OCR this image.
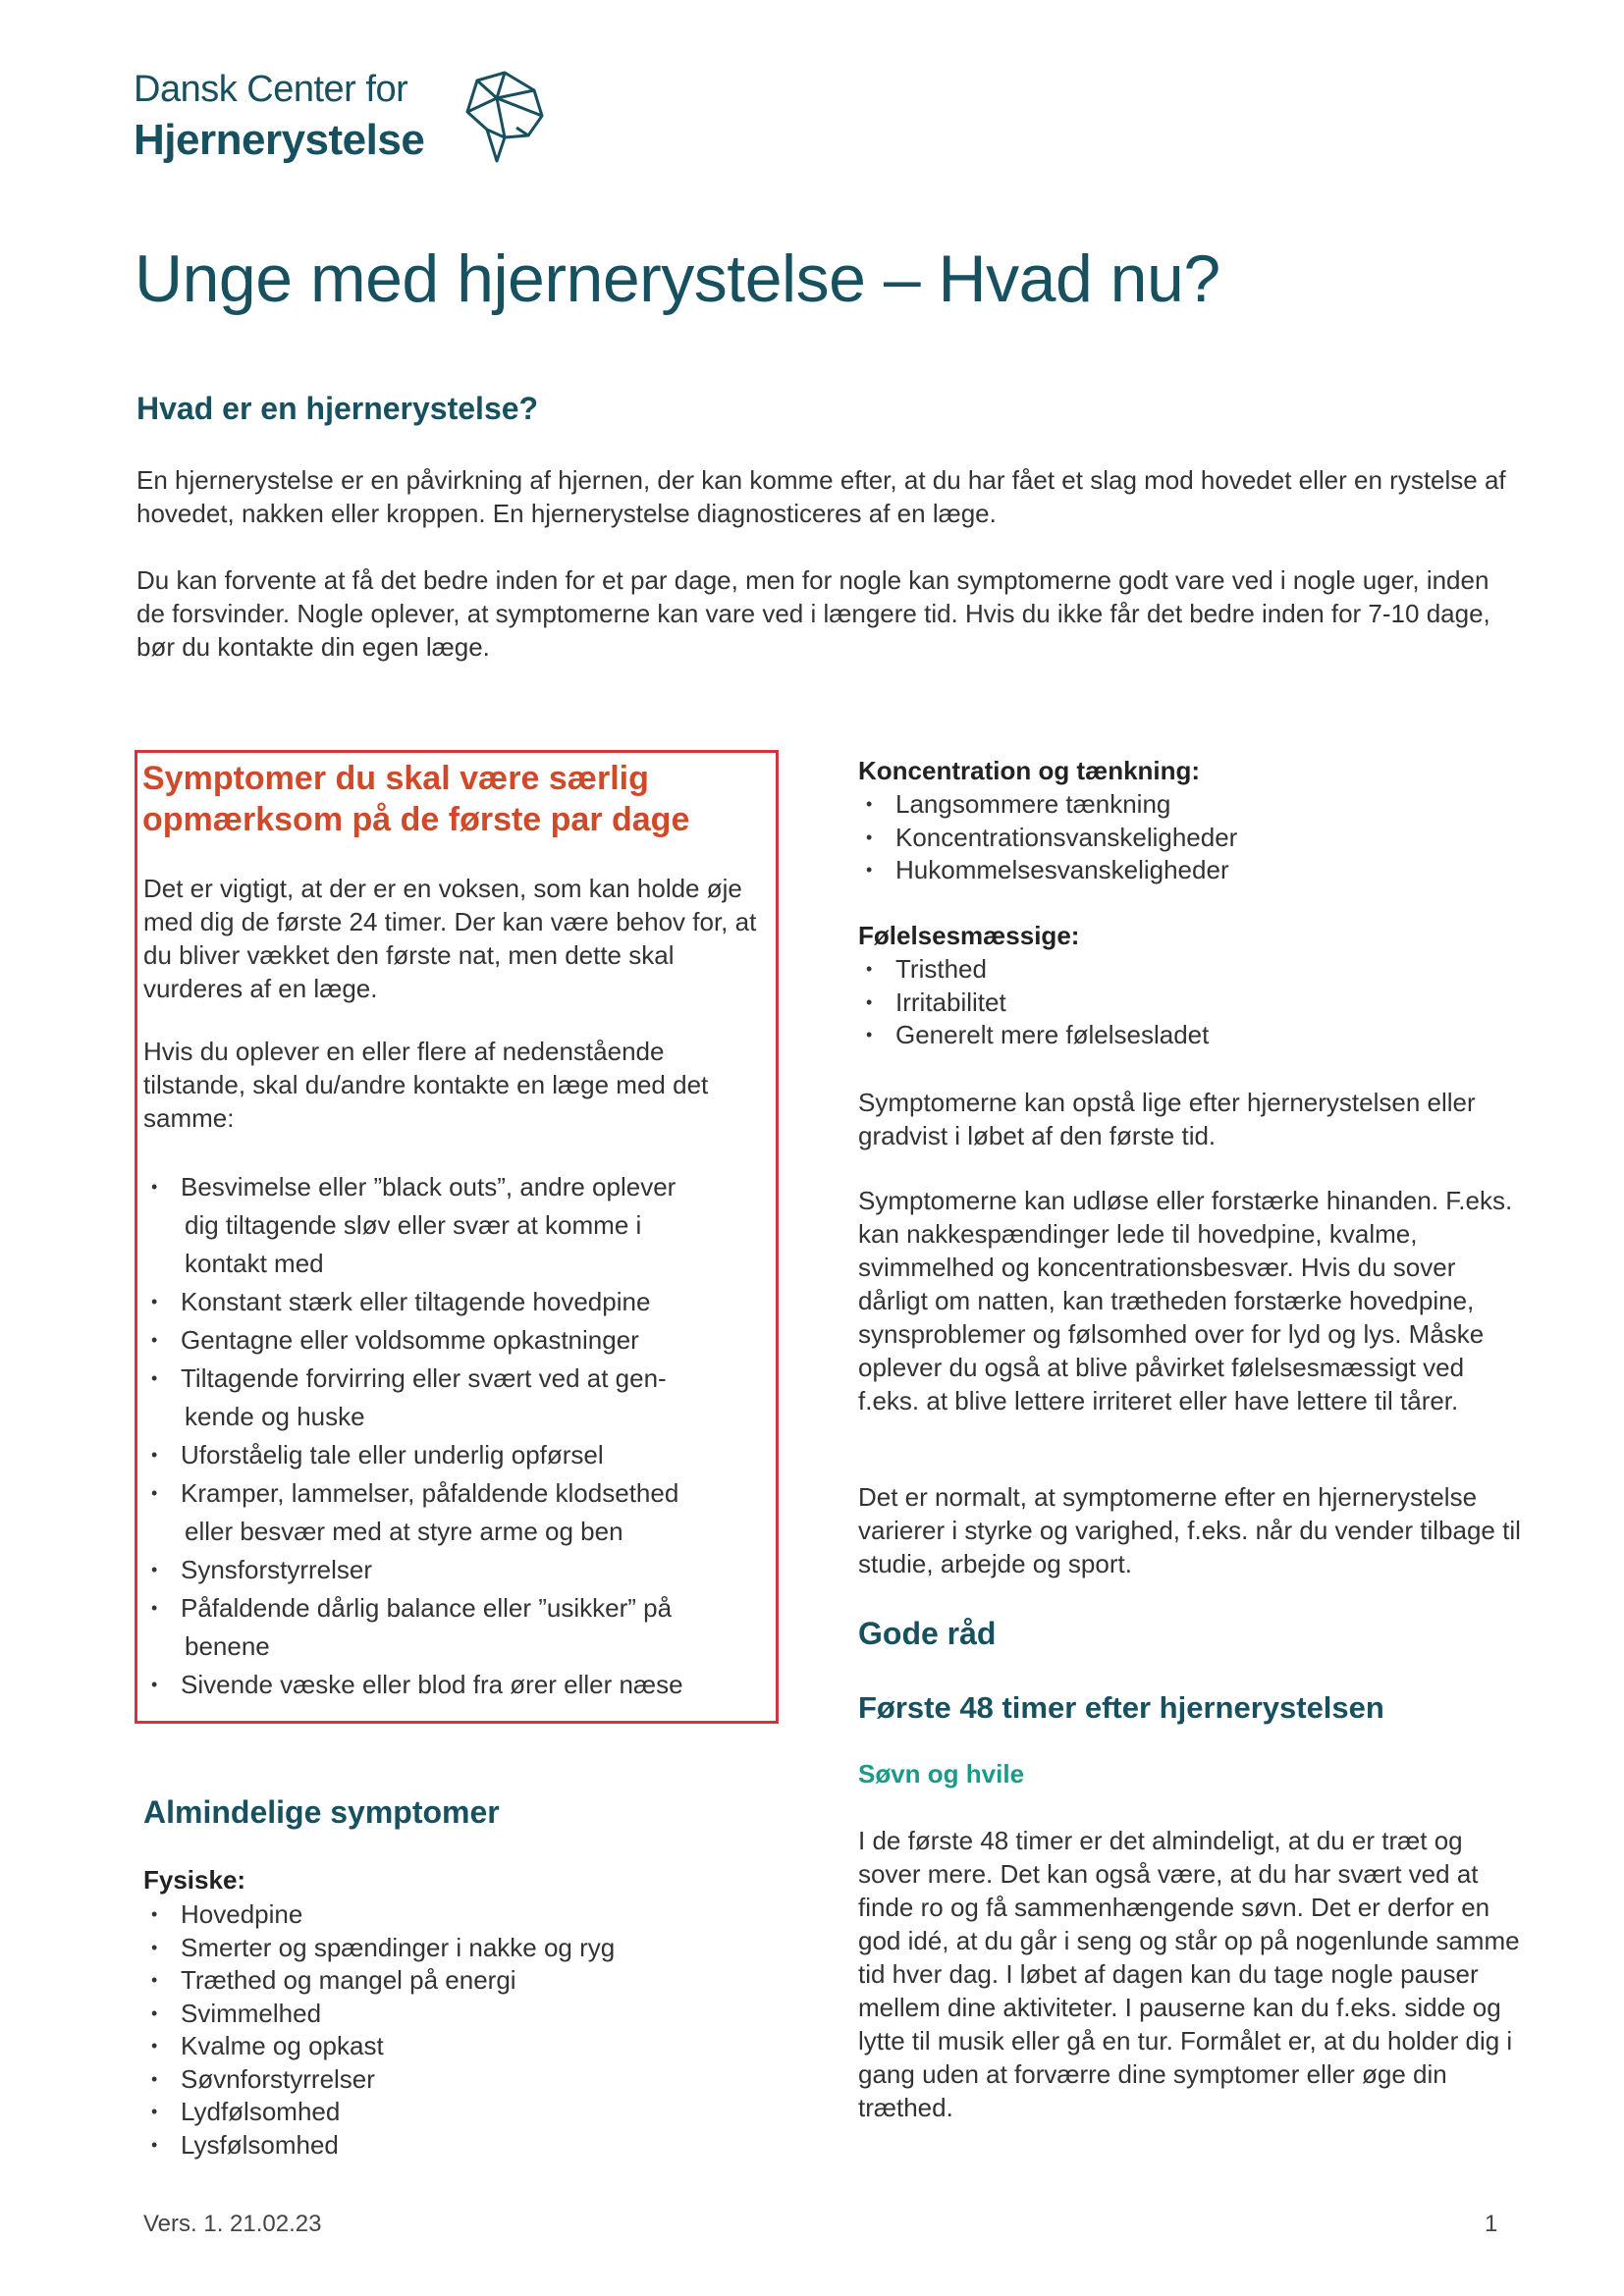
Dansk Center for
Hjernerystelse
Unge med hjernerystelse – Hvad nu?
Hvad er en hjernerystelse?

En hjernerystelse er en påvirkning af hjernen, der kan komme efter, at du har fået et slag mod hovedet eller en rystelse af hovedet, nakken eller kroppen. En hjernerystelse diagnosticeres af en læge.

Du kan forvente at få det bedre inden for et par dage, men for nogle kan symptomerne godt vare ved i nogle uger, inden de forsvinder. Nogle oplever, at symptomerne kan vare ved i længere tid. Hvis du ikke får det bedre inden for 7-10 dage, bør du kontakte din egen læge.

Symptomer du skal være særlig opmærksom på de første par dage

Det er vigtigt, at der er en voksen, som kan holde øje med dig de første 24 timer. Der kan være behov for, at du bliver vækket den første nat, men dette skal vurderes af en læge.

Hvis du oplever en eller flere af nedenstående tilstande, skal du/andre kontakte en læge med det samme:

• Besvimelse eller ”black outs”, andre oplever
dig tiltagende sløv eller svær at komme i
kontakt med
• Konstant stærk eller tiltagende hovedpine
• Gentagne eller voldsomme opkastninger
• Tiltagende forvirring eller svært ved at gen-
kende og huske
• Uforståelig tale eller underlig opførsel
• Kramper, lammelser, påfaldende klodsethed
eller besvær med at styre arme og ben
• Synsforstyrrelser
• Påfaldende dårlig balance eller ”usikker” på
benene
• Sivende væske eller blod fra ører eller næse
Almindelige symptomer
Fysiske:
• Hovedpine
• Smerter og spændinger i nakke og ryg
• Træthed og mangel på energi
• Svimmelhed
• Kvalme og opkast
• Søvnforstyrrelser
• Lydfølsomhed
• Lysfølsomhed
Koncentration og tænkning:
• Langsommere tænkning
• Koncentrationsvanskeligheder
• Hukommelsesvanskeligheder
Følelsesmæssige:
• Tristhed
• Irritabilitet
• Generelt mere følelsesladet

Symptomerne kan opstå lige efter hjernerystelsen eller gradvist i løbet af den første tid.

Symptomerne kan udløse eller forstærke hinanden. F.eks. kan nakkespændinger lede til hovedpine, kvalme, svimmelhed og koncentrationsbesvær. Hvis du sover dårligt om natten, kan trætheden forstærke hovedpine, synsproblemer og følsomhed over for lyd og lys. Måske oplever du også at blive påvirket følelsesmæssigt ved f.eks. at blive lettere irriteret eller have lettere til tårer.

Det er normalt, at symptomerne efter en hjernerystelse varierer i styrke og varighed, f.eks. når du vender tilbage til studie, arbejde og sport.

Gode råd
Første 48 timer efter hjernerystelsen
Søvn og hvile

I de første 48 timer er det almindeligt, at du er træt og sover mere. Det kan også være, at du har svært ved at finde ro og få sammenhængende søvn. Det er derfor en god idé, at du går i seng og står op på nogenlunde samme tid hver dag. I løbet af dagen kan du tage nogle pauser mellem dine aktiviteter. I pauserne kan du f.eks. sidde og lytte til musik eller gå en tur. Formålet er, at du holder dig i gang uden at forværre dine symptomer eller øge din træthed.

Vers. 1. 21.02.23	1
